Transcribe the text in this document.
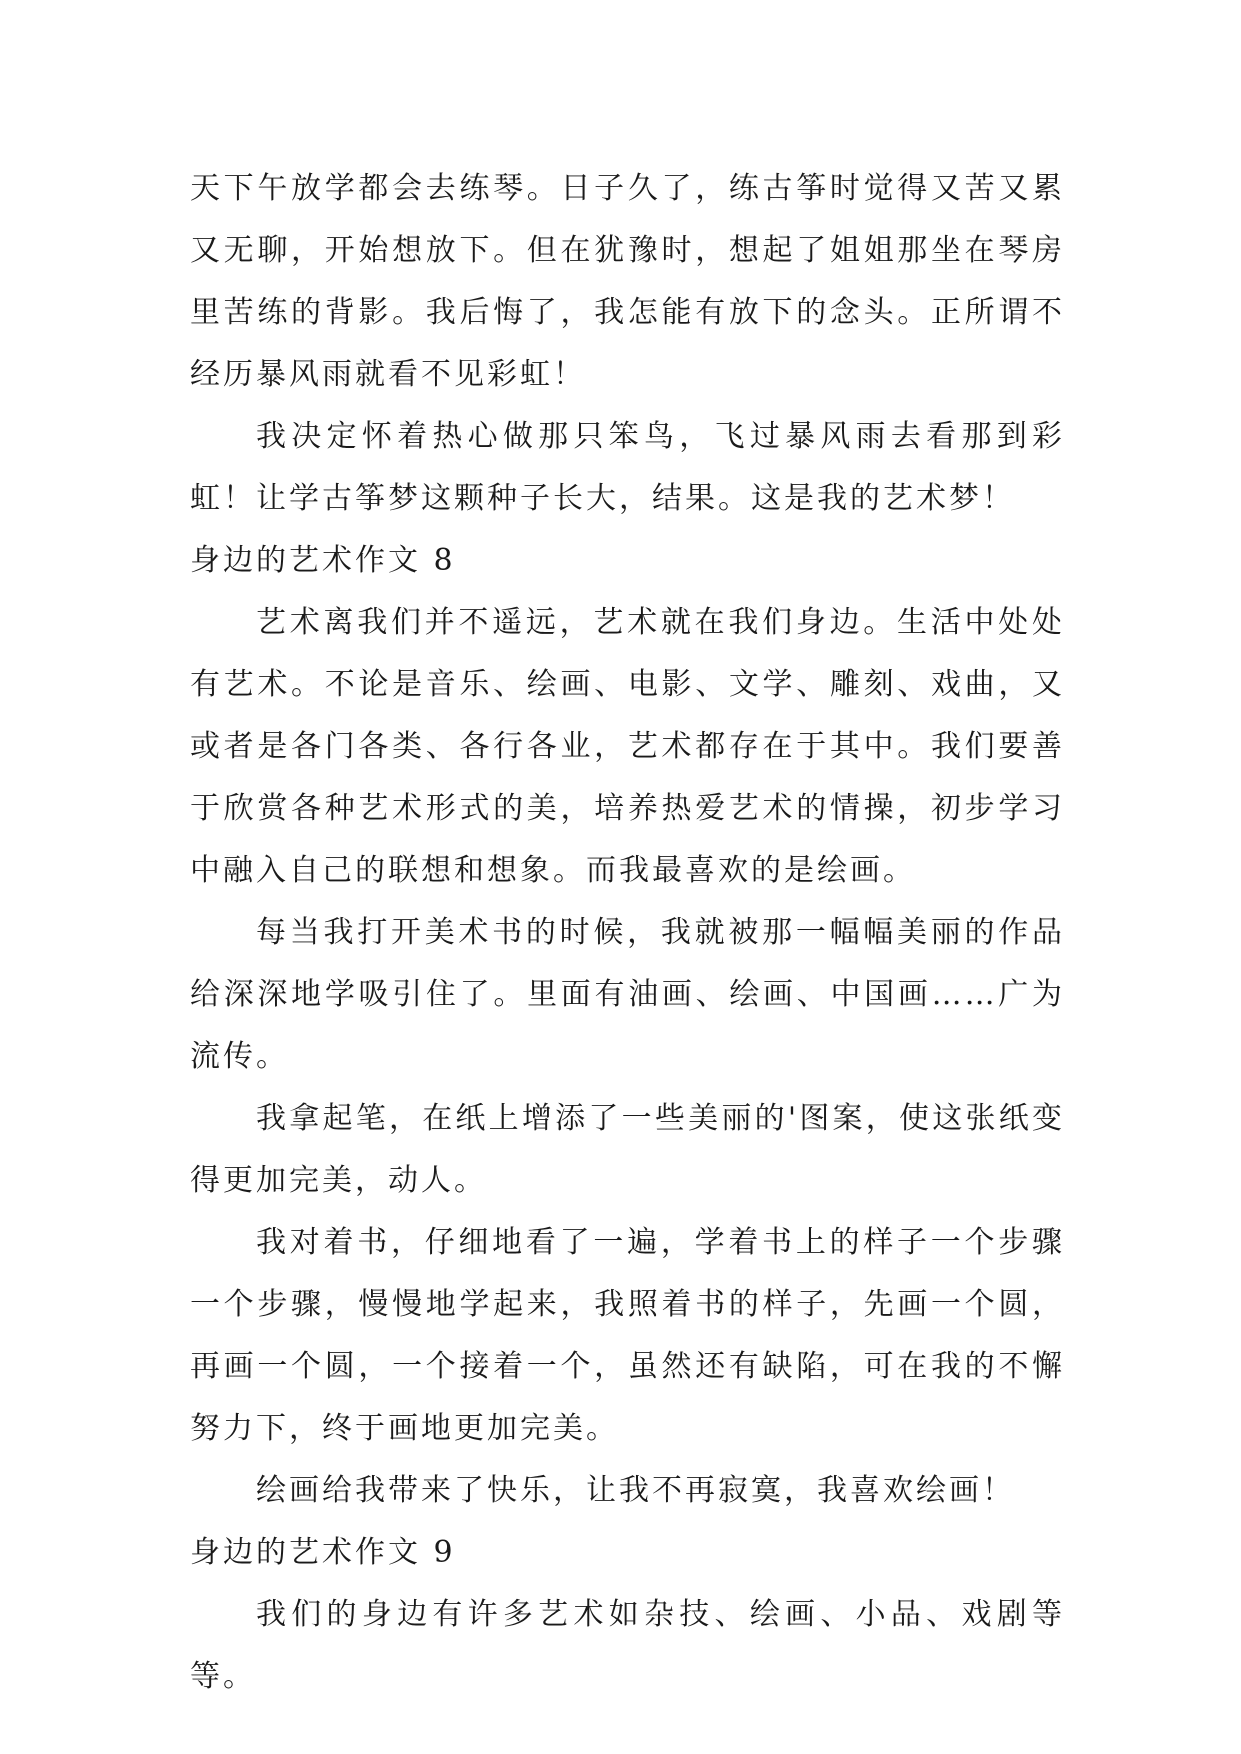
天下午放学都会去练琴。日子久了，练古筝时觉得又苦又累又无聊，开始想放下。但在犹豫时，想起了姐姐那坐在琴房里苦练的背影。我后悔了，我怎能有放下的念头。正所谓不经历暴风雨就看不见彩虹！

我决定怀着热心做那只笨鸟，飞过暴风雨去看那到彩虹！让学古筝梦这颗种子长大，结果。这是我的艺术梦！

身边的艺术作文 8

艺术离我们并不遥远，艺术就在我们身边。生活中处处有艺术。不论是音乐、绘画、电影、文学、雕刻、戏曲，又或者是各门各类、各行各业，艺术都存在于其中。我们要善于欣赏各种艺术形式的美，培养热爱艺术的情操，初步学习中融入自己的联想和想象。而我最喜欢的是绘画。

每当我打开美术书的时候，我就被那一幅幅美丽的作品给深深地学吸引住了。里面有油画、绘画、中国画……广为流传。

我拿起笔，在纸上增添了一些美丽的'图案，使这张纸变得更加完美，动人。

我对着书，仔细地看了一遍，学着书上的样子一个步骤一个步骤，慢慢地学起来，我照着书的样子，先画一个圆，再画一个圆，一个接着一个，虽然还有缺陷，可在我的不懈努力下，终于画地更加完美。

绘画给我带来了快乐，让我不再寂寞，我喜欢绘画！

身边的艺术作文 9

我们的身边有许多艺术如杂技、绘画、小品、戏剧等等。
